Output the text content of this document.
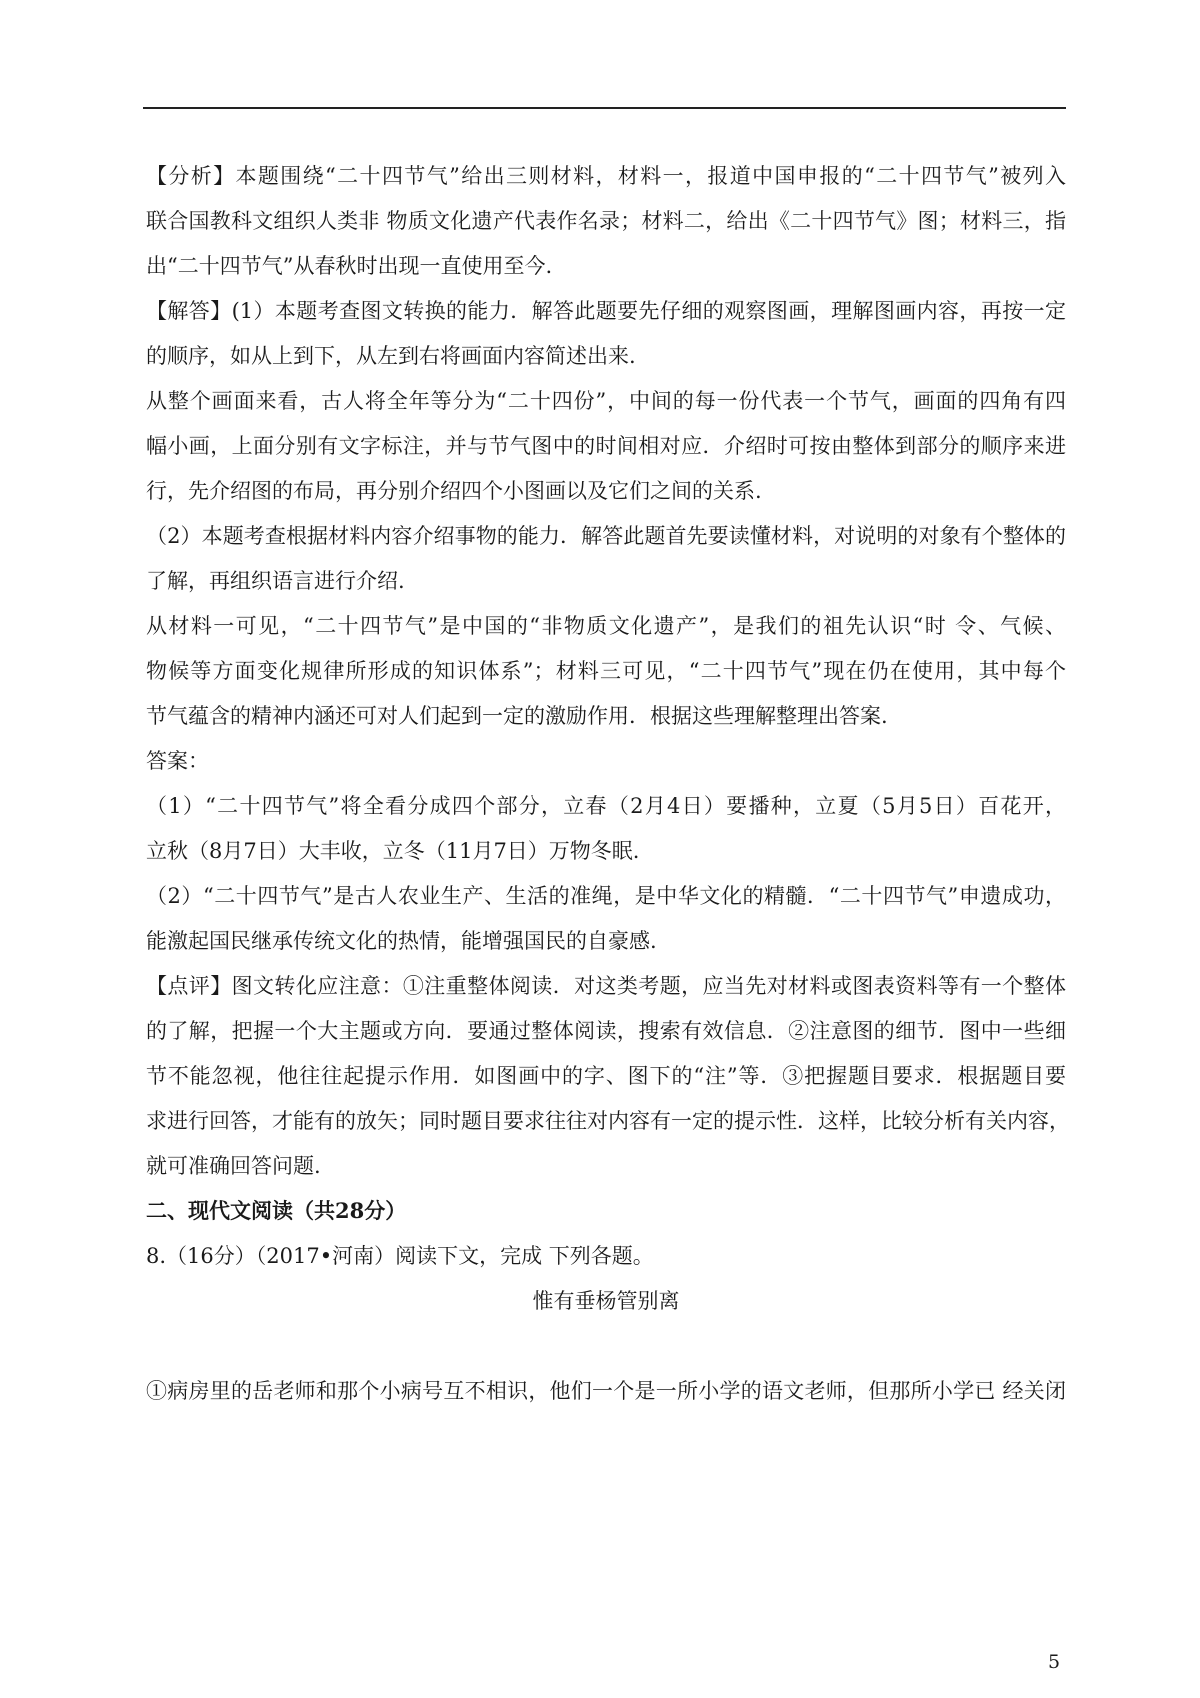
【分析】本题围绕“二十四节气”给出三则材料，材料一，报道中国申报的“二十四节气”被列入
联合国教科文组织人类非 物质文化遗产代表作名录；材料二，给出《二十四节气》图；材料三，指
出“二十四节气”从春秋时出现一直使用至今.
【解答】(1）本题考查图文转换的能力．解答此题要先仔细的观察图画，理解图画内容，再按一定
的顺序，如从上到下，从左到右将画面内容简述出来.
从整个画面来看，古人将全年等分为“二十四份”，中间的每一份代表一个节气，画面的四角有四
幅小画，上面分别有文字标注，并与节气图中的时间相对应．介绍时可按由整体到部分的顺序来进
行，先介绍图的布局，再分别介绍四个小图画以及它们之间的关系.
（2）本题考查根据材料内容介绍事物的能力．解答此题首先要读懂材料，对说明的对象有个整体的
了解，再组织语言进行介绍.
从材料一可见，“二十四节气”是中国的“非物质文化遗产”，是我们的祖先认识“时 令、气候、
物候等方面变化规律所形成的知识体系”；材料三可见，“二十四节气”现在仍在使用，其中每个
节气蕴含的精神内涵还可对人们起到一定的激励作用．根据这些理解整理出答案.
答案：
（1）“二十四节气”将全看分成四个部分，立春（2月4日）要播种，立夏（5月5日）百花开，
立秋（8月7日）大丰收，立冬（11月7日）万物冬眠.
（2）“二十四节气”是古人农业生产、生活的准绳，是中华文化的精髓．“二十四节气”申遗成功，
能激起国民继承传统文化的热情，能增强国民的自豪感.
【点评】图文转化应注意：①注重整体阅读．对这类考题，应当先对材料或图表资料等有一个整体
的了解，把握一个大主题或方向．要通过整体阅读，搜索有效信息．②注意图的细节．图中一些细
节不能忽视，他往往起提示作用．如图画中的字、图下的“注”等．③把握题目要求．根据题目要
求进行回答，才能有的放矢；同时题目要求往往对内容有一定的提示性．这样，比较分析有关内容，
就可准确回答问题.
二、现代文阅读（共28分）
8.（16分）（2017•河南）阅读下文，完成 下列各题。
惟有垂杨管别离
①病房里的岳老师和那个小病号互不相识，他们一个是一所小学的语文老师，但那所小学已 经关闭
5
